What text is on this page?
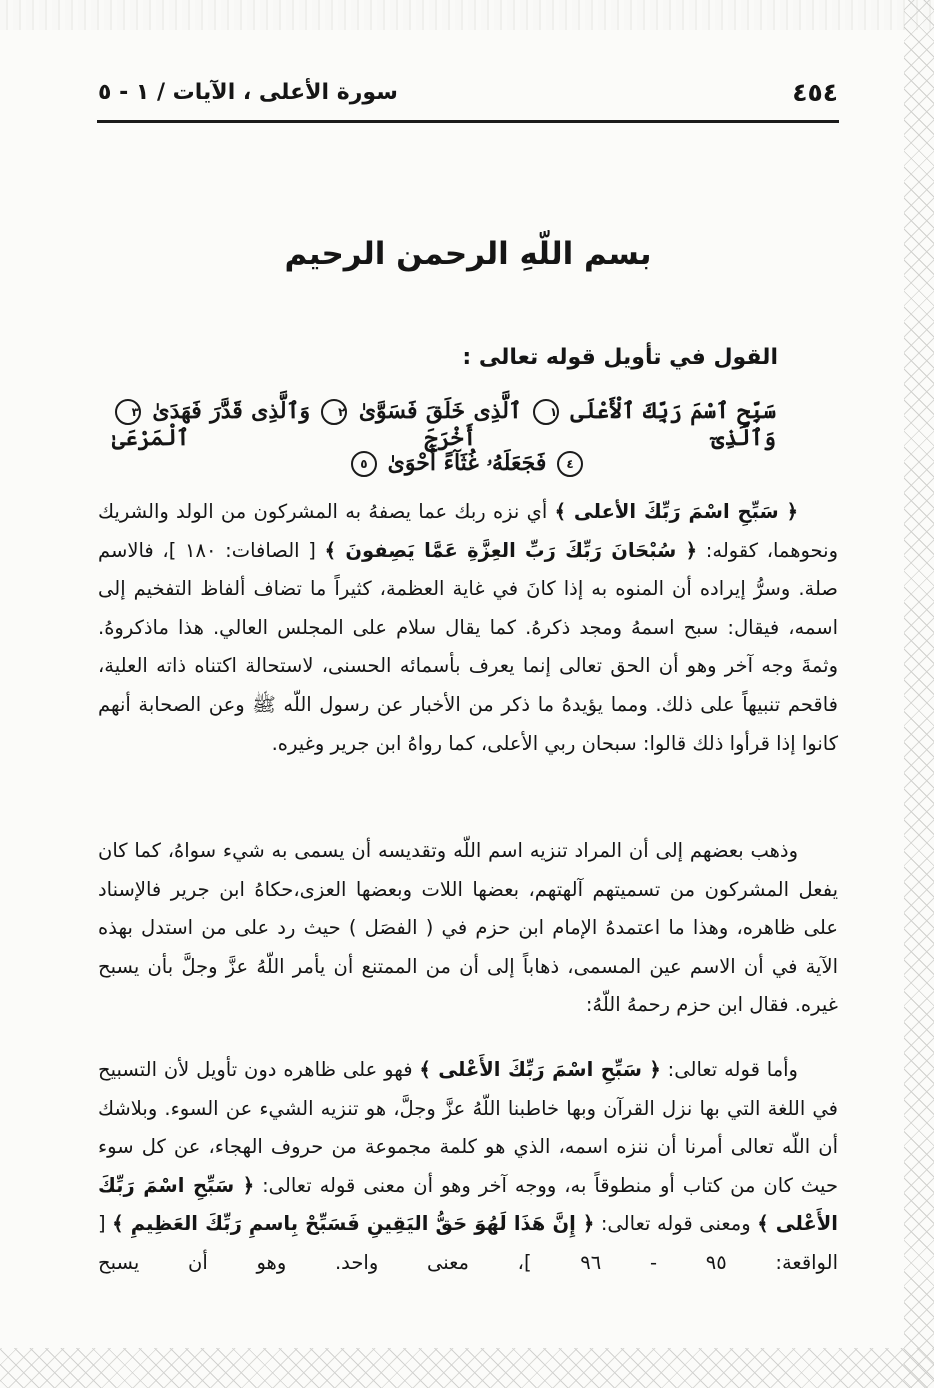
٤٥٤
سورة الأعلى ، الآيات / ١ - ٥
بسم اللّهِ الرحمن الرحيم
القول في تأويل قوله تعالى :
سَبِّحِ ٱسْمَ رَبِّكَ ٱلْأَعْلَى ١ ٱلَّذِى خَلَقَ فَسَوَّىٰ ٢ وَٱلَّذِى قَدَّرَ فَهَدَىٰ ٣ وَٱلَّذِىٓ أَخْرَجَ ٱلْمَرْعَىٰ
٤ فَجَعَلَهُۥ غُثَآءً أَحْوَىٰ ٥

﴿ سَبِّحِ اسْمَ رَبِّكَ الأعلى ﴾ أي نزه ربك عما يصفهُ به المشركون من الولد والشريك ونحوهما، كقوله: ﴿ سُبْحَانَ رَبِّكَ رَبِّ العِزَّةِ عَمَّا يَصِفونَ ﴾ [ الصافات: ١٨٠ ]، فالاسم صلة. وسرُّ إيراده أن المنوه به إذا كانَ في غاية العظمة، كثيراً ما تضاف ألفاظ التفخيم إلى اسمه، فيقال: سبح اسمهُ ومجد ذكرهُ. كما يقال سلام على المجلس العالي. هذا ماذكروهُ. وثمةَ وجه آخر وهو أن الحق تعالى إنما يعرف بأسمائه الحسنى، لاستحالة اكتناه ذاته العلية، فاقحم تنبيهاً على ذلك. ومما يؤيدهُ ما ذكر من الأخبار عن رسول اللّه ﷺ وعن الصحابة أنهم كانوا إذا قرأوا ذلك قالوا: سبحان ربي الأعلى، كما رواهُ ابن جرير وغيره.

وذهب بعضهم إلى أن المراد تنزيه اسم اللّه وتقديسه أن يسمى به شيء سواهُ، كما كان يفعل المشركون من تسميتهم آلهتهم، بعضها اللات وبعضها العزى،حكاهُ ابن جرير فالإسناد على ظاهره، وهذا ما اعتمدهُ الإمام ابن حزم في ( الفصَل ) حيث رد على من استدل بهذه الآية في أن الاسم عين المسمى، ذهاباً إلى أن من الممتنع أن يأمر اللّهُ عزَّ وجلَّ بأن يسبح غيره. فقال ابن حزم رحمهُ اللّهُ:

وأما قوله تعالى: ﴿ سَبِّحِ اسْمَ رَبِّكَ الأَعْلى ﴾ فهو على ظاهره دون تأويل لأن التسبيح في اللغة التي بها نزل القرآن وبها خاطبنا اللّهُ عزَّ وجلَّ، هو تنزيه الشيء عن السوء. وبلاشك أن اللّه تعالى أمرنا أن ننزه اسمه، الذي هو كلمة مجموعة من حروف الهجاء، عن كل سوء حيث كان من كتاب أو منطوقاً به، ووجه آخر وهو أن معنى قوله تعالى: ﴿ سَبِّحِ اسْمَ رَبِّكَ الأَعْلى ﴾ ومعنى قوله تعالى: ﴿ إِنَّ هَذَا لَهُوَ حَقُّ اليَقِينِ فَسَبِّحْ بِاسمِ رَبِّكَ العَظِيمِ ﴾ [ الواقعة: ٩٥ - ٩٦ ]، معنى واحد. وهو أن يسبح
